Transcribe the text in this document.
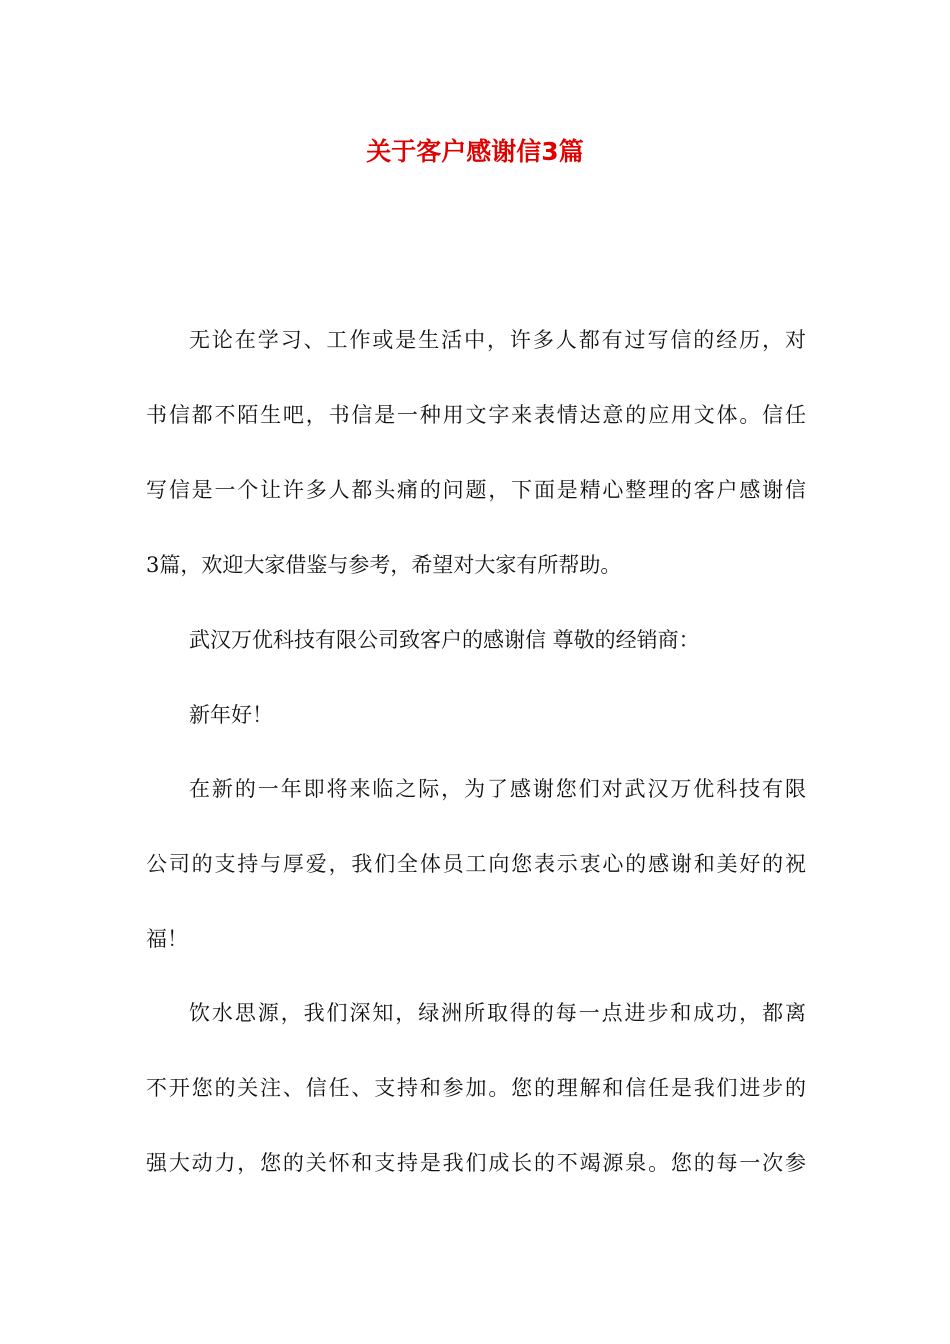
关于客户感谢信3篇

无论在学习、工作或是生活中，许多人都有过写信的经历，对

书信都不陌生吧，书信是一种用文字来表情达意的应用文体。信任

写信是一个让许多人都头痛的问题，下面是精心整理的客户感谢信

3篇，欢迎大家借鉴与参考，希望对大家有所帮助。

武汉万优科技有限公司致客户的感谢信 尊敬的经销商：

新年好！

在新的一年即将来临之际，为了感谢您们对武汉万优科技有限

公司的支持与厚爱，我们全体员工向您表示衷心的感谢和美好的祝

福！

饮水思源，我们深知，绿洲所取得的每一点进步和成功，都离

不开您的关注、信任、支持和参加。您的理解和信任是我们进步的

强大动力，您的关怀和支持是我们成长的不竭源泉。您的每一次参
